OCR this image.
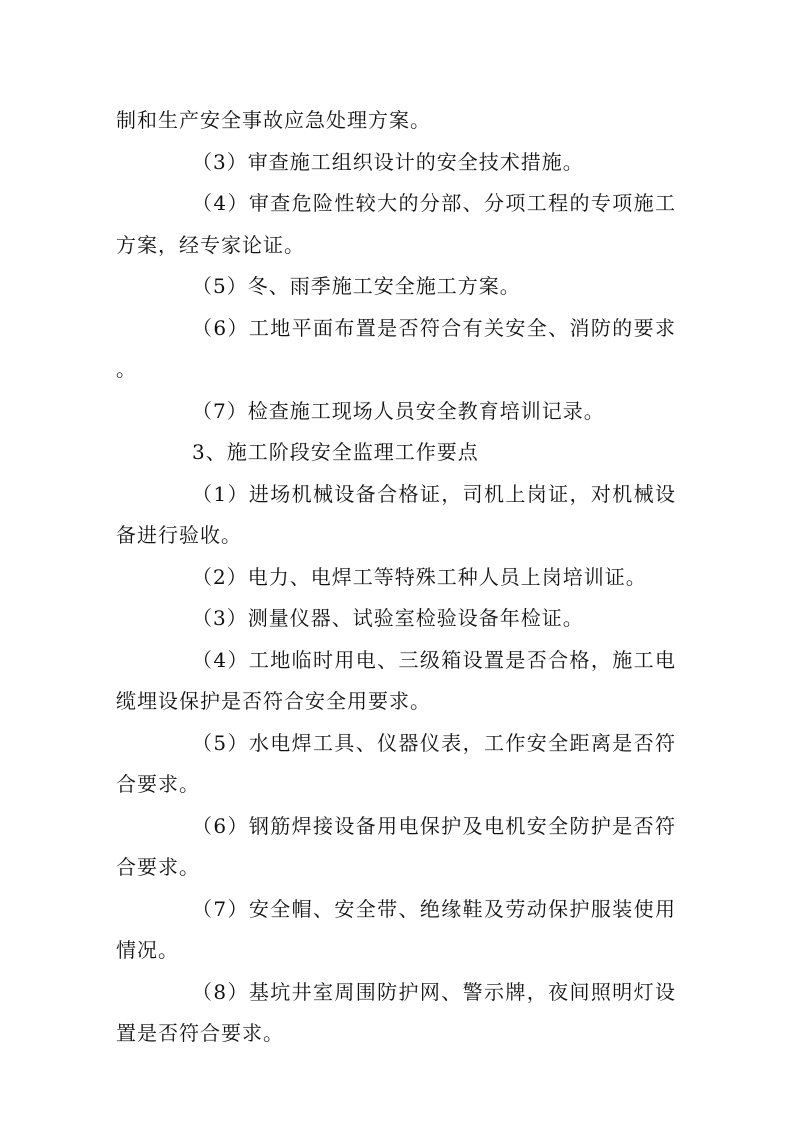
制和生产安全事故应急处理方案。

（3）审查施工组织设计的安全技术措施。

（4）审查危险性较大的分部、分项工程的专项施工方案，经专家论证。

（5）冬、雨季施工安全施工方案。

（6）工地平面布置是否符合有关安全、消防的要求 。

（7）检查施工现场人员安全教育培训记录。

3、施工阶段安全监理工作要点

（1）进场机械设备合格证，司机上岗证，对机械设备进行验收。

（2）电力、电焊工等特殊工种人员上岗培训证。

（3）测量仪器、试验室检验设备年检证。

（4）工地临时用电、三级箱设置是否合格，施工电缆埋设保护是否符合安全用要求。

（5）水电焊工具、仪器仪表，工作安全距离是否符合要求。

（6）钢筋焊接设备用电保护及电机安全防护是否符合要求。

（7）安全帽、安全带、绝缘鞋及劳动保护服装使用情况。

（8）基坑井室周围防护网、警示牌，夜间照明灯设置是否符合要求。
